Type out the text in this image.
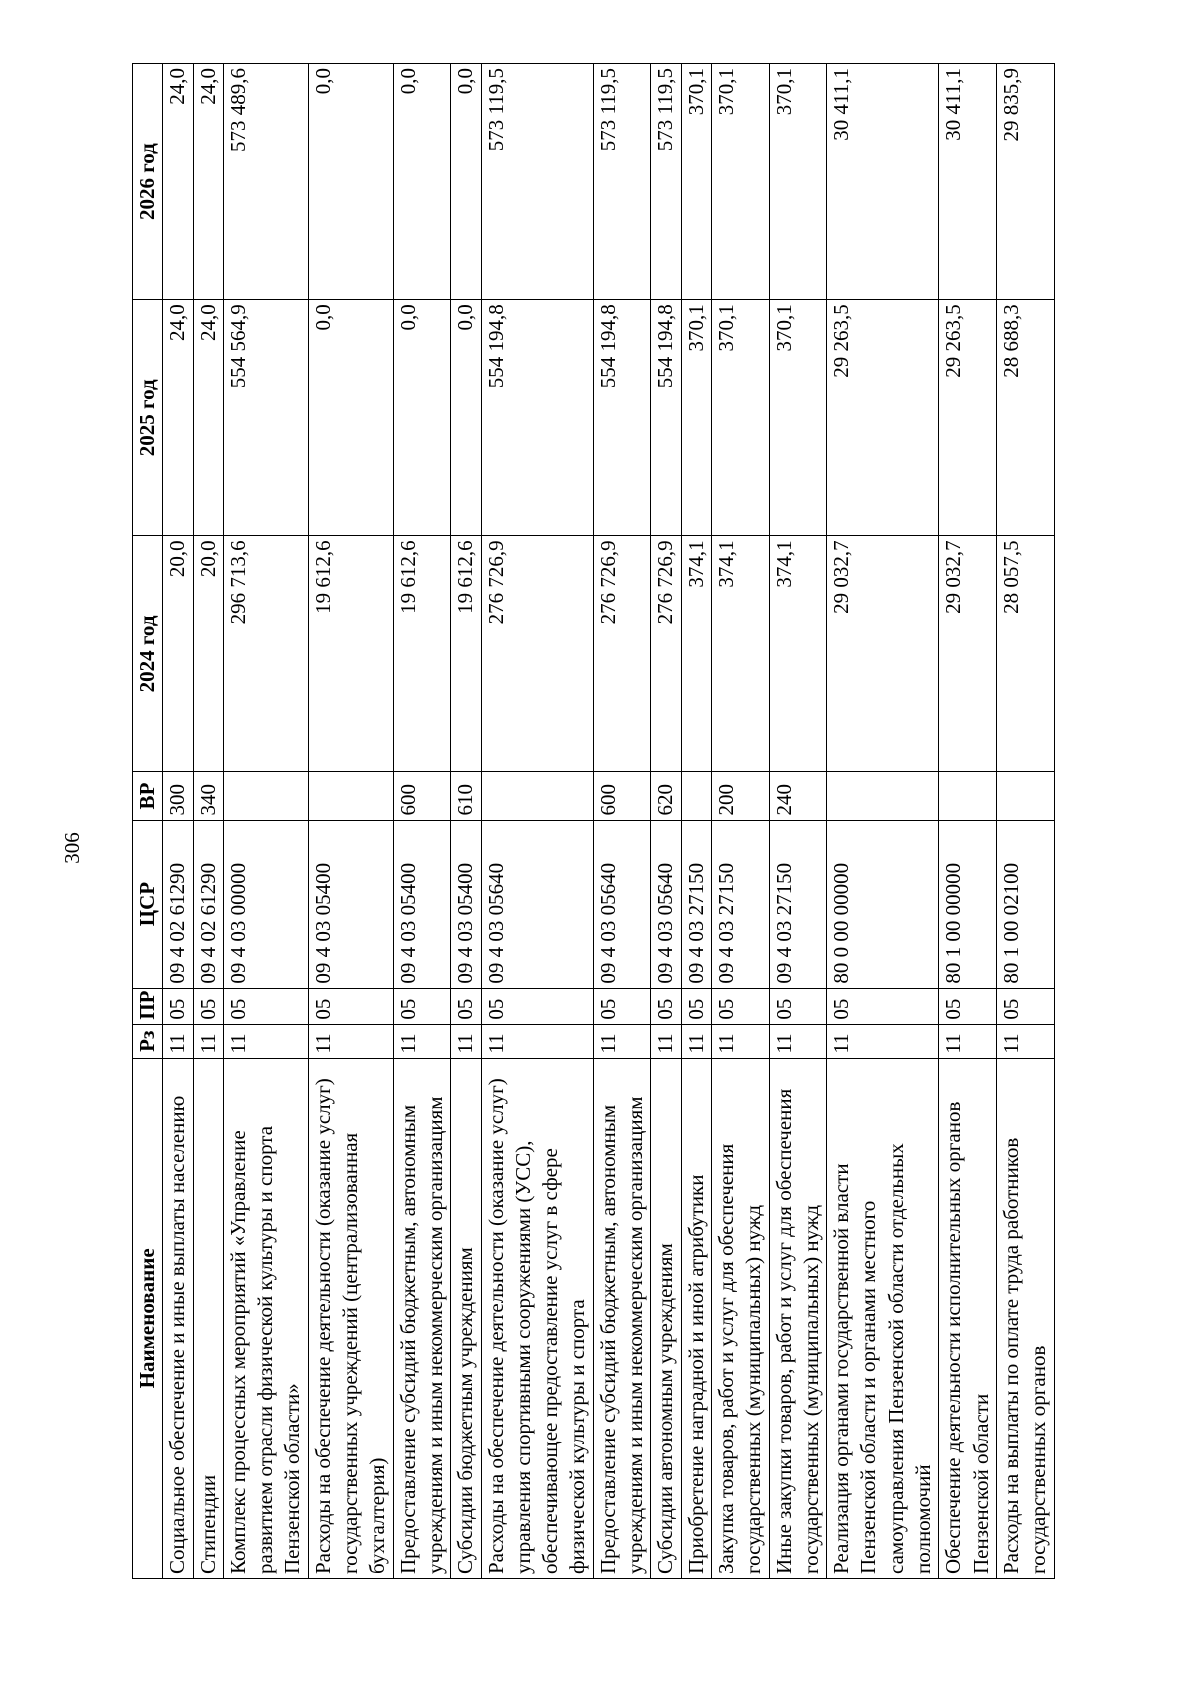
306
Наименование	Рз	ПР	ЦСР	ВР	2024 год	2025 год	2026 год
Социальное обеспечение и иные выплаты населению	11	05	09 4 02 61290	300	20,0	24,0	24,0
Стипендии	11	05	09 4 02 61290	340	20,0	24,0	24,0
Комплекс процессных мероприятий «Управление развитием отрасли физической культуры и спорта Пензенской области»	11	05	09 4 03 00000		296 713,6	554 564,9	573 489,6
Расходы на обеспечение деятельности (оказание услуг) государственных учреждений (централизованная бухгалтерия)	11	05	09 4 03 05400		19 612,6	0,0	0,0
Предоставление субсидий бюджетным, автономным учреждениям и иным некоммерческим организациям	11	05	09 4 03 05400	600	19 612,6	0,0	0,0
Субсидии бюджетным учреждениям	11	05	09 4 03 05400	610	19 612,6	0,0	0,0
Расходы на обеспечение деятельности (оказание услуг) управления спортивными сооружениями (УСС), обеспечивающее предоставление услуг в сфере физической культуры и спорта	11	05	09 4 03 05640		276 726,9	554 194,8	573 119,5
Предоставление субсидий бюджетным, автономным учреждениям и иным некоммерческим организациям	11	05	09 4 03 05640	600	276 726,9	554 194,8	573 119,5
Субсидии автономным учреждениям	11	05	09 4 03 05640	620	276 726,9	554 194,8	573 119,5
Приобретение наградной и иной атрибутики	11	05	09 4 03 27150		374,1	370,1	370,1
Закупка товаров, работ и услуг для обеспечения государственных (муниципальных) нужд	11	05	09 4 03 27150	200	374,1	370,1	370,1
Иные закупки товаров, работ и услуг для обеспечения государственных (муниципальных) нужд	11	05	09 4 03 27150	240	374,1	370,1	370,1
Реализация органами государственной власти Пензенской области и органами местного самоуправления Пензенской области отдельных полномочий	11	05	80 0 00 00000		29 032,7	29 263,5	30 411,1
Обеспечение деятельности исполнительных органов Пензенской области	11	05	80 1 00 00000		29 032,7	29 263,5	30 411,1
Расходы на выплаты по оплате труда работников государственных органов	11	05	80 1 00 02100		28 057,5	28 688,3	29 835,9
